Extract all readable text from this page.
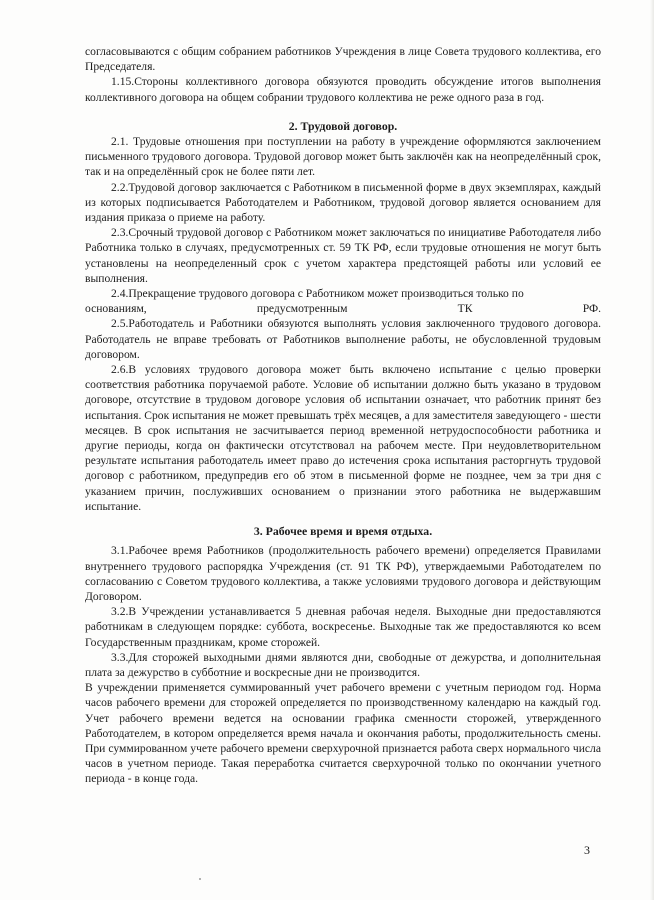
согласовываются с общим собранием работников Учреждения в лице Совета трудового коллектива, его Председателя.

1.15.Стороны коллективного договора обязуются проводить обсуждение итогов выполнения коллективного договора на общем собрании трудового коллектива не реже одного раза в год.

2. Трудовой договор.

2.1. Трудовые отношения при поступлении на работу в учреждение оформляются заключением письменного трудового договора. Трудовой договор может быть заключён как на неопределённый срок, так и на определённый срок не более пяти лет.

2.2.Трудовой договор заключается с Работником в письменной форме в двух экземплярах, каждый из которых подписывается Работодателем и Работником, трудовой договор является основанием для издания приказа о приеме на работу.

2.3.Срочный трудовой договор с Работником может заключаться по инициативе Работодателя либо Работника только в случаях, предусмотренных ст. 59 ТК РФ, если трудовые отношения не могут быть установлены на неопределенный срок с учетом характера предстоящей работы или условий ее выполнения.

2.4.Прекращение трудового договора с Работником может производиться только по

основаниям, предусмотренным ТК РФ.

2.5.Работодатель и Работники обязуются выполнять условия заключенного трудового договора. Работодатель не вправе требовать от Работников выполнение работы, не обусловленной трудовым договором.

2.6.В условиях трудового договора может быть включено испытание с целью проверки соответствия работника поручаемой работе. Условие об испытании должно быть указано в трудовом договоре, отсутствие в трудовом договоре условия об испытании означает, что работник принят без испытания. Срок испытания не может превышать трёх месяцев, а для заместителя заведующего - шести месяцев. В срок испытания не засчитывается период временной нетрудоспособности работника и другие периоды, когда он фактически отсутствовал на рабочем месте. При неудовлетворительном результате испытания работодатель имеет право до истечения срока испытания расторгнуть трудовой договор с работником, предупредив его об этом в письменной форме не позднее, чем за три дня с указанием причин, послуживших основанием о признании этого работника не выдержавшим испытание.

3. Рабочее время и время отдыха.

3.1.Рабочее время Работников (продолжительность рабочего времени) определяется Правилами внутреннего трудового распорядка Учреждения (ст. 91 ТК РФ), утверждаемыми Работодателем по согласованию с Советом трудового коллектива, а также условиями трудового договора и действующим Договором.

3.2.В Учреждении устанавливается 5 дневная рабочая неделя. Выходные дни предоставляются работникам в следующем порядке: суббота, воскресенье. Выходные так же предоставляются ко всем Государственным праздникам, кроме сторожей.

3.3.Для сторожей выходными днями являются дни, свободные от дежурства, и дополнительная плата за дежурство в субботние и воскресные дни не производится.

В учреждении применяется суммированный учет рабочего времени с учетным периодом год. Норма часов рабочего времени для сторожей определяется по производственному календарю на каждый год. Учет рабочего времени ведется на основании графика сменности сторожей, утвержденного Работодателем, в котором определяется время начала и окончания работы, продолжительность смены. При суммированном учете рабочего времени сверхурочной признается работа сверх нормального числа часов в учетном периоде. Такая переработка считается сверхурочной только по окончании учетного периода - в конце года.

3
